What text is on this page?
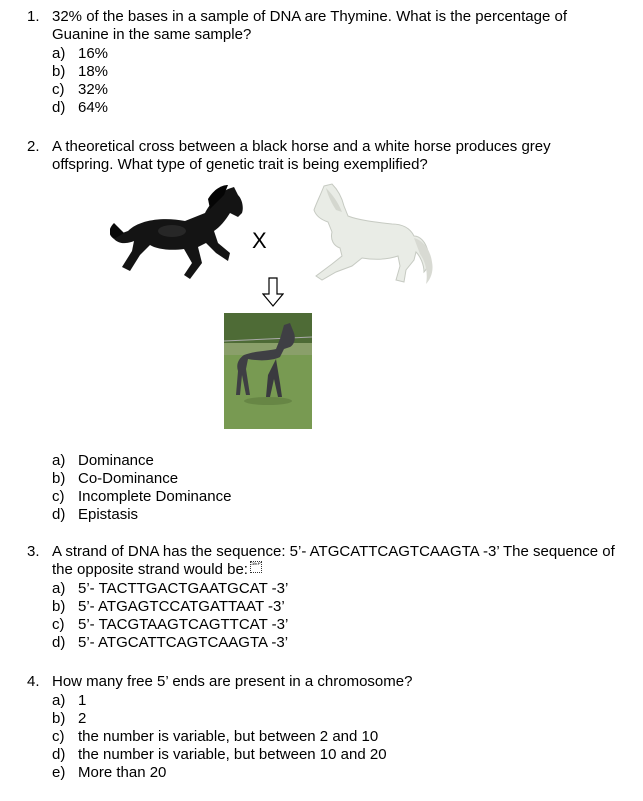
1. 32% of the bases in a sample of DNA are Thymine. What is the percentage of Guanine in the same sample?
a) 16%
b) 18%
c) 32%
d) 64%
2. A theoretical cross between a black horse and a white horse produces grey offspring. What type of genetic trait is being exemplified?
X
a) Dominance
b) Co-Dominance
c) Incomplete Dominance
d) Epistasis
3. A strand of DNA has the sequence: 5’- ATGCATTCAGTCAAGTA -3’ The sequence of the opposite strand would be: SEP
a) 5’- TACTTGACTGAATGCAT -3’
b) 5’- ATGAGTCCATGATTAAT -3’
c) 5’- TACGTAAGTCAGTTCAT -3’
d) 5’- ATGCATTCAGTCAAGTA -3’
4. How many free 5’ ends are present in a chromosome?
a) 1
b) 2
c) the number is variable, but between 2 and 10
d) the number is variable, but between 10 and 20
e) More than 20
